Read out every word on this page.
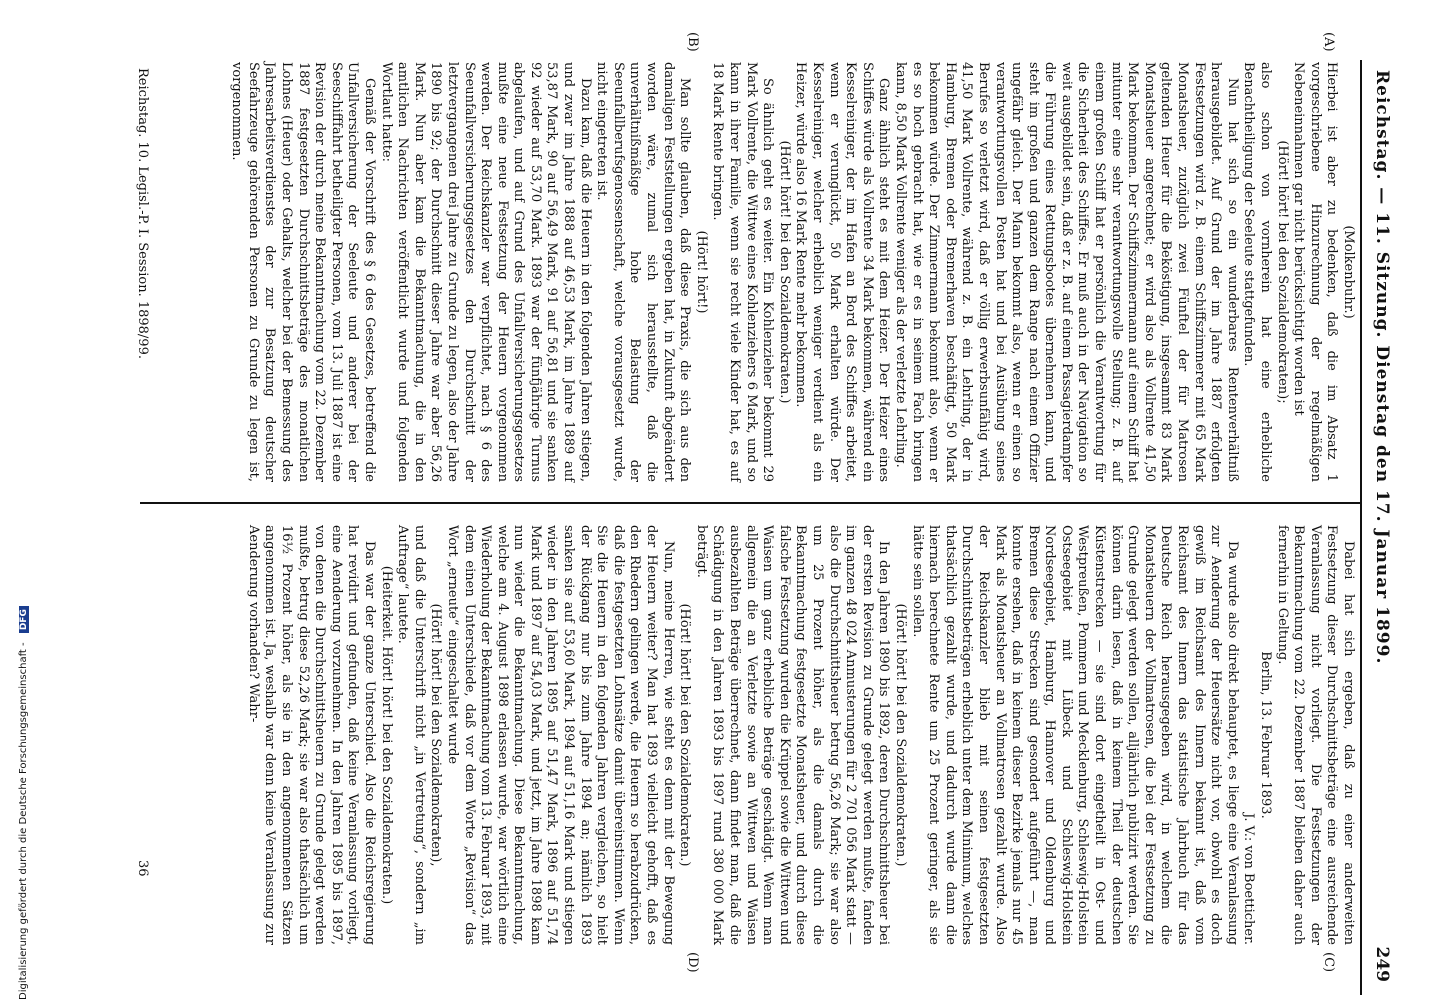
Digitalisierung gefördert durch die Deutsche Forschungsgemeinschaft - DFG	Reichstag. — 11. Sitzung. Dienstag den 17. Januar 1899.
249
(A)
(B)
(C)
(D)

(Molkenbuhr.)

Hierbei ist aber zu bedenken, daß die im Absatz 1 vorgeschriebene Hinzurechnung der regelmäßigen Nebeneinnahmen gar nicht berücksichtigt worden ist

(Hört! hört! bei den Sozialdemokraten);

also schon von vornherein hat eine erhebliche Benachtheiligung der Seeleute stattgefunden.

Nun hat sich so ein wunderbares Rentenverhältniß herausgebildet. Auf Grund der im Jahre 1887 erfolgten Festsetzungen wird z. B. einem Schiffszimmerer mit 65 Mark Monatsheuer, zuzüglich zwei Fünftel der für Matrosen geltenden Heuer für die Beköstigung, insgesammt 83 Mark Monatsheuer angerechnet; er wird also als Vollrente 41,50 Mark bekommen. Der Schiffszimmermann auf einem Schiff hat mitunter eine sehr verantwortungsvolle Stellung; z. B. auf einem großen Schiff hat er persönlich die Verantwortung für die Sicherheit des Schiffes. Er muß auch in der Navigation so weit ausgebildet sein, daß er z. B. auf einem Passagierdampfer die Führung eines Rettungsbootes übernehmen kann, und steht im großen und ganzen dem Range nach einem Offizier ungefähr gleich. Der Mann bekommt also, wenn er einen so verantwortungsvollen Posten hat und bei Ausübung seines Berufes so verletzt wird, daß er völlig erwerbsunfähig wird, 41,50 Mark Vollrente, während z. B. ein Lehrling, der in Hamburg, Bremen oder Bremerhaven beschäftigt, 50 Mark bekommen würde. Der Zimmermann bekommt also, wenn er es so hoch gebracht hat, wie er es in seinem Fach bringen kann, 8,50 Mark Vollrente weniger als der verletzte Lehrling.

Ganz ähnlich steht es mit dem Heizer. Der Heizer eines Schiffes würde als Vollrente 34 Mark bekommen, während ein Kesselreiniger, der im Hafen an Bord des Schiffes arbeitet, wenn er verunglückt, 50 Mark erhalten würde. Der Kesselreiniger, welcher erheblich weniger verdient als ein Heizer, würde also 16 Mark Rente mehr bekommen.

(Hört! hört! bei den Sozialdemokraten.)

So ähnlich geht es weiter. Ein Kohlenzieher bekommt 29 Mark Vollrente, die Wittwe eines Kohlenziehers 6 Mark, und so kann in ihrer Familie, wenn sie recht viele Kinder hat, es auf 18 Mark Rente bringen.

(Hört! hört!)

Man sollte glauben, daß diese Praxis, die sich aus den damaligen Feststellungen ergeben hat, in Zukunft abgeändert worden wäre, zumal sich herausstellte, daß die unverhältnißmäßige hohe Belastung der Seeunfallberufsgenossenschaft, welche vorausgesetzt wurde, nicht eingetreten ist.

Dazu kam, daß die Heuern in den folgenden Jahren stiegen, und zwar im Jahre 1888 auf 46,53 Mark, im Jahre 1889 auf 53,87 Mark, 90 auf 56,49 Mark, 91 auf 56,81 und sie sanken 92 wieder auf 53,70 Mark. 1893 war der fünfjährige Turnus abgelaufen, und auf Grund des Unfallversicherungsgesetzes mußte eine neue Festsetzung der Heuern vorgenommen werden. Der Reichskanzler war verpflichtet, nach § 6 des Seeunfallversicherungsgesetzes den Durchschnitt der letztvergangenen drei Jahre zu Grunde zu legen, also der Jahre 1890 bis 92; der Durchschnitt dieser Jahre war aber 56,26 Mark. Nun aber kam die Bekanntmachung, die in den amtlichen Nachrichten veröffentlicht wurde und folgenden Wortlaut hatte:

Gemäß der Vorschrift des § 6 des Gesetzes, betreffend die Unfallversicherung der Seeleute und anderer bei der Seeschifffahrt betheiligter Personen, vom 13. Juli 1887 ist eine Revision der durch meine Bekanntmachung vom 22. Dezember 1887 festgesetzten Durchschnittsbeträge des monatlichen Lohnes (Heuer) oder Gehalts, welcher bei der Bemessung des Jahresarbeitsverdienstes der zur Besatzung deutscher Seefahrzeuge gehörenden Personen zu Grunde zu legen ist, vorgenommen.

Dabei hat sich ergeben, daß zu einer anderweiten Festsetzung dieser Durchschnittsbeträge eine ausreichende Veranlassung nicht vorliegt. Die Festsetzungen der Bekanntmachung vom 22. Dezember 1887 bleiben daher auch fernerhin in Geltung.

Berlin, 13. Februar 1893.

J. V.: von Boetticher.

Da wurde also direkt behauptet, es liege eine Veranlassung zur Aenderung der Heuersätze nicht vor, obwohl es doch gewiß im Reichsamt des Innern bekannt ist, daß vom Reichsamt des Innern das statistische Jahrbuch für das Deutsche Reich herausgegeben wird, in welchem die Monatsheuern der Vollmatrosen, die bei der Festsetzung zu Grunde gelegt werden sollen, alljährlich publizirt werden. Sie können darin lesen, daß in keinem Theil der deutschen Küstenstrecken — sie sind dort eingetheilt in Ost- und Westpreußen, Pommern und Mecklenburg, Schleswig-Holstein Ostseegebiet mit Lübeck und Schleswig-Holstein Nordseegebiet, Hamburg, Hannover und Oldenburg und Bremen diese Strecken sind gesondert aufgeführt —, man konnte ersehen, daß in keinem dieser Bezirke jemals nur 45 Mark als Monatsheuer an Vollmatrosen gezahlt wurde. Also der Reichskanzler blieb mit seinen festgesetzten Durchschnittsbeträgen erheblich unter dem Minimum, welches thatsächlich gezahlt wurde, und dadurch wurde dann die hiernach berechnete Rente um 25 Prozent geringer, als sie hätte sein sollen.

(Hört! hört! bei den Sozialdemokraten.)

In den Jahren 1890 bis 1892, deren Durchschnittsheuer bei der ersten Revision zu Grunde gelegt werden mußte, fanden im ganzen 48 024 Anmusterungen für 2 701 056 Mark statt — also die Durchschnittsheuer betrug 56,26 Mark; sie war also um 25 Prozent höher, als die damals durch die Bekanntmachung festgesetzte Monatsheuer, und durch diese falsche Festsetzung wurden die Krüppel sowie die Wittwen und Waisen um ganz erhebliche Beträge geschädigt. Wenn man allgemein die an Verletzte sowie an Wittwen und Waisen ausbezahlten Beträge überrechnet, dann findet man, daß die Schädigung in den Jahren 1893 bis 1897 rund 380 000 Mark beträgt.

(Hört! hört! bei den Sozialdemokraten.)

Nun, meine Herren, wie steht es denn mit der Bewegung der Heuern weiter? Man hat 1893 vielleicht gehofft, daß es den Rhedern gelingen werde, die Heuern so herabzudrücken, daß die festgesetzten Lohnsätze damit übereinstimmen. Wenn Sie die Heuern in den folgenden Jahren vergleichen, so hielt der Rückgang nur bis zum Jahre 1894 an; nämlich 1893 sanken sie auf 53,60 Mark, 1894 auf 51,16 Mark und stiegen wieder in den Jahren 1895 auf 51,47 Mark, 1896 auf 51,74 Mark und 1897 auf 54,03 Mark, und jetzt, im Jahre 1898 kam nun wieder die Bekanntmachung. Diese Bekanntmachung, welche am 4. August 1898 erlassen wurde, war wörtlich eine Wiederholung der Bekanntmachung vom 13. Februar 1893, mit dem einen Unterschiede, daß vor dem Worte „Revision“ das Wort „erneute“ eingeschaltet wurde

(Hört! hört! bei den Sozialdemokraten),

und daß die Unterschrift nicht „in Vertretung“, sondern „im Auftrage“ lautete.

(Heiterkeit. Hört! hört! bei den Sozialdemokraten.)

Das war der ganze Unterschied. Also die Reichsregierung hat revidirt und gefunden, daß keine Veranlassung vorliegt, eine Aenderung vorzunehmen. In den Jahren 1895 bis 1897, von denen die Durchschnittsheuern zu Grunde gelegt werden mußte, betrug diese 52,26 Mark; sie war also thatsächlich um 16½ Prozent höher, als sie in den angenommenen Sätzen angenommen ist. Ja, weshalb war denn keine Veranlassung zur Aenderung vorhanden? Wahr-

Reichstag. 10. Legisl.-P. I. Session. 1898/99.
36
